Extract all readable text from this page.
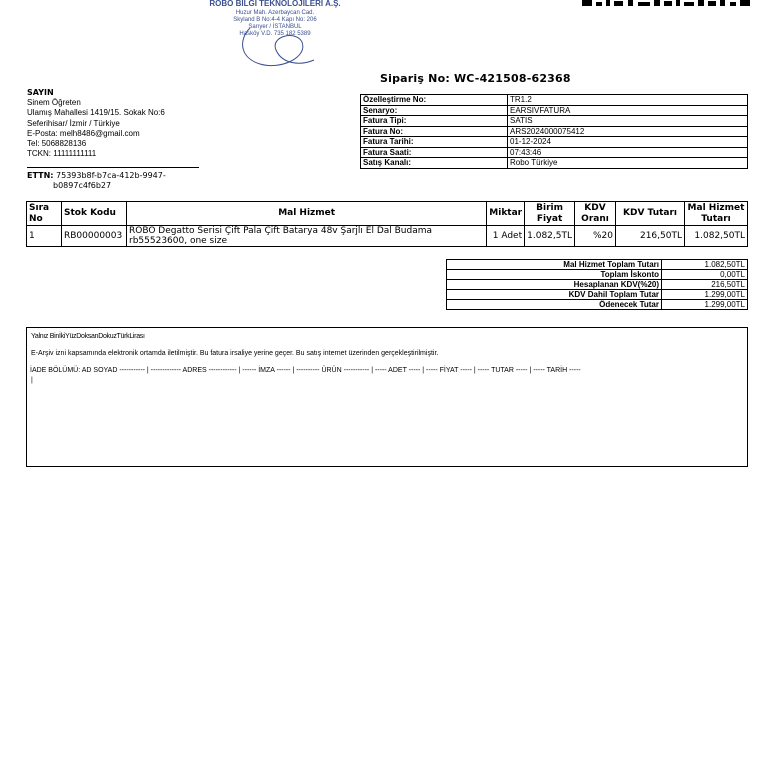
ROBO BİLGİ TEKNOLOJİLERİ A.Ş.
Huzur Mah. Azerbaycan Cad.
Skyland B No:4-4 Kapı No: 206
Sarıyer / İSTANBUL
Hasköy V.D. 735 182 5389
Sipariş No: WC-421508-62368
SAYIN
Sinem Öğreten
Ulamış Mahallesi 1419/15. Sokak No:6
Seferihisar/ İzmir / Türkiye
E-Posta: melh8486@gmail.com
Tel: 5068828136
TCKN: 11111111111
ETTN: 75393b8f-b7ca-412b-9947-
b0897c4f6b27
Özelleştirme No:	TR1.2
Senaryo:	EARSIVFATURA
Fatura Tipi:	SATIS
Fatura No:	ARS2024000075412
Fatura Tarihi:	01-12-2024
Fatura Saati:	07:43:46
Satış Kanalı:	Robo Türkiye
Sıra No	Stok Kodu	Mal Hizmet	Miktar	Birim Fiyat	KDV Oranı	KDV Tutarı	Mal Hizmet Tutarı
1	RB00000003	ROBO Degatto Serisi Çift Pala Çift Batarya 48v Şarjlı El Dal Budama rb55523600, one size	1 Adet	1.082,5TL	%20	216,50TL	1.082,50TL
Mal Hizmet Toplam Tutarı	1.082,50TL
Toplam İskonto	0,00TL
Hesaplanan KDV(%20)	216,50TL
KDV Dahil Toplam Tutar	1.299,00TL
Ödenecek Tutar	1.299,00TL
Yalnız BinİkiYüzDoksanDokuzTürkLirası
E-Arşiv izni kapsamında elektronik ortamda iletilmiştir. Bu fatura irsaliye yerine geçer. Bu satış internet üzerinden gerçekleştirilmiştir.
İADE BÖLÜMÜ: AD SOYAD ----------- | ------------- ADRES ------------ | ------ İMZA ------ | ---------- ÜRÜN ----------- | ----- ADET ----- | ----- FİYAT ----- | ----- TUTAR ----- | ----- TARİH -----
|
